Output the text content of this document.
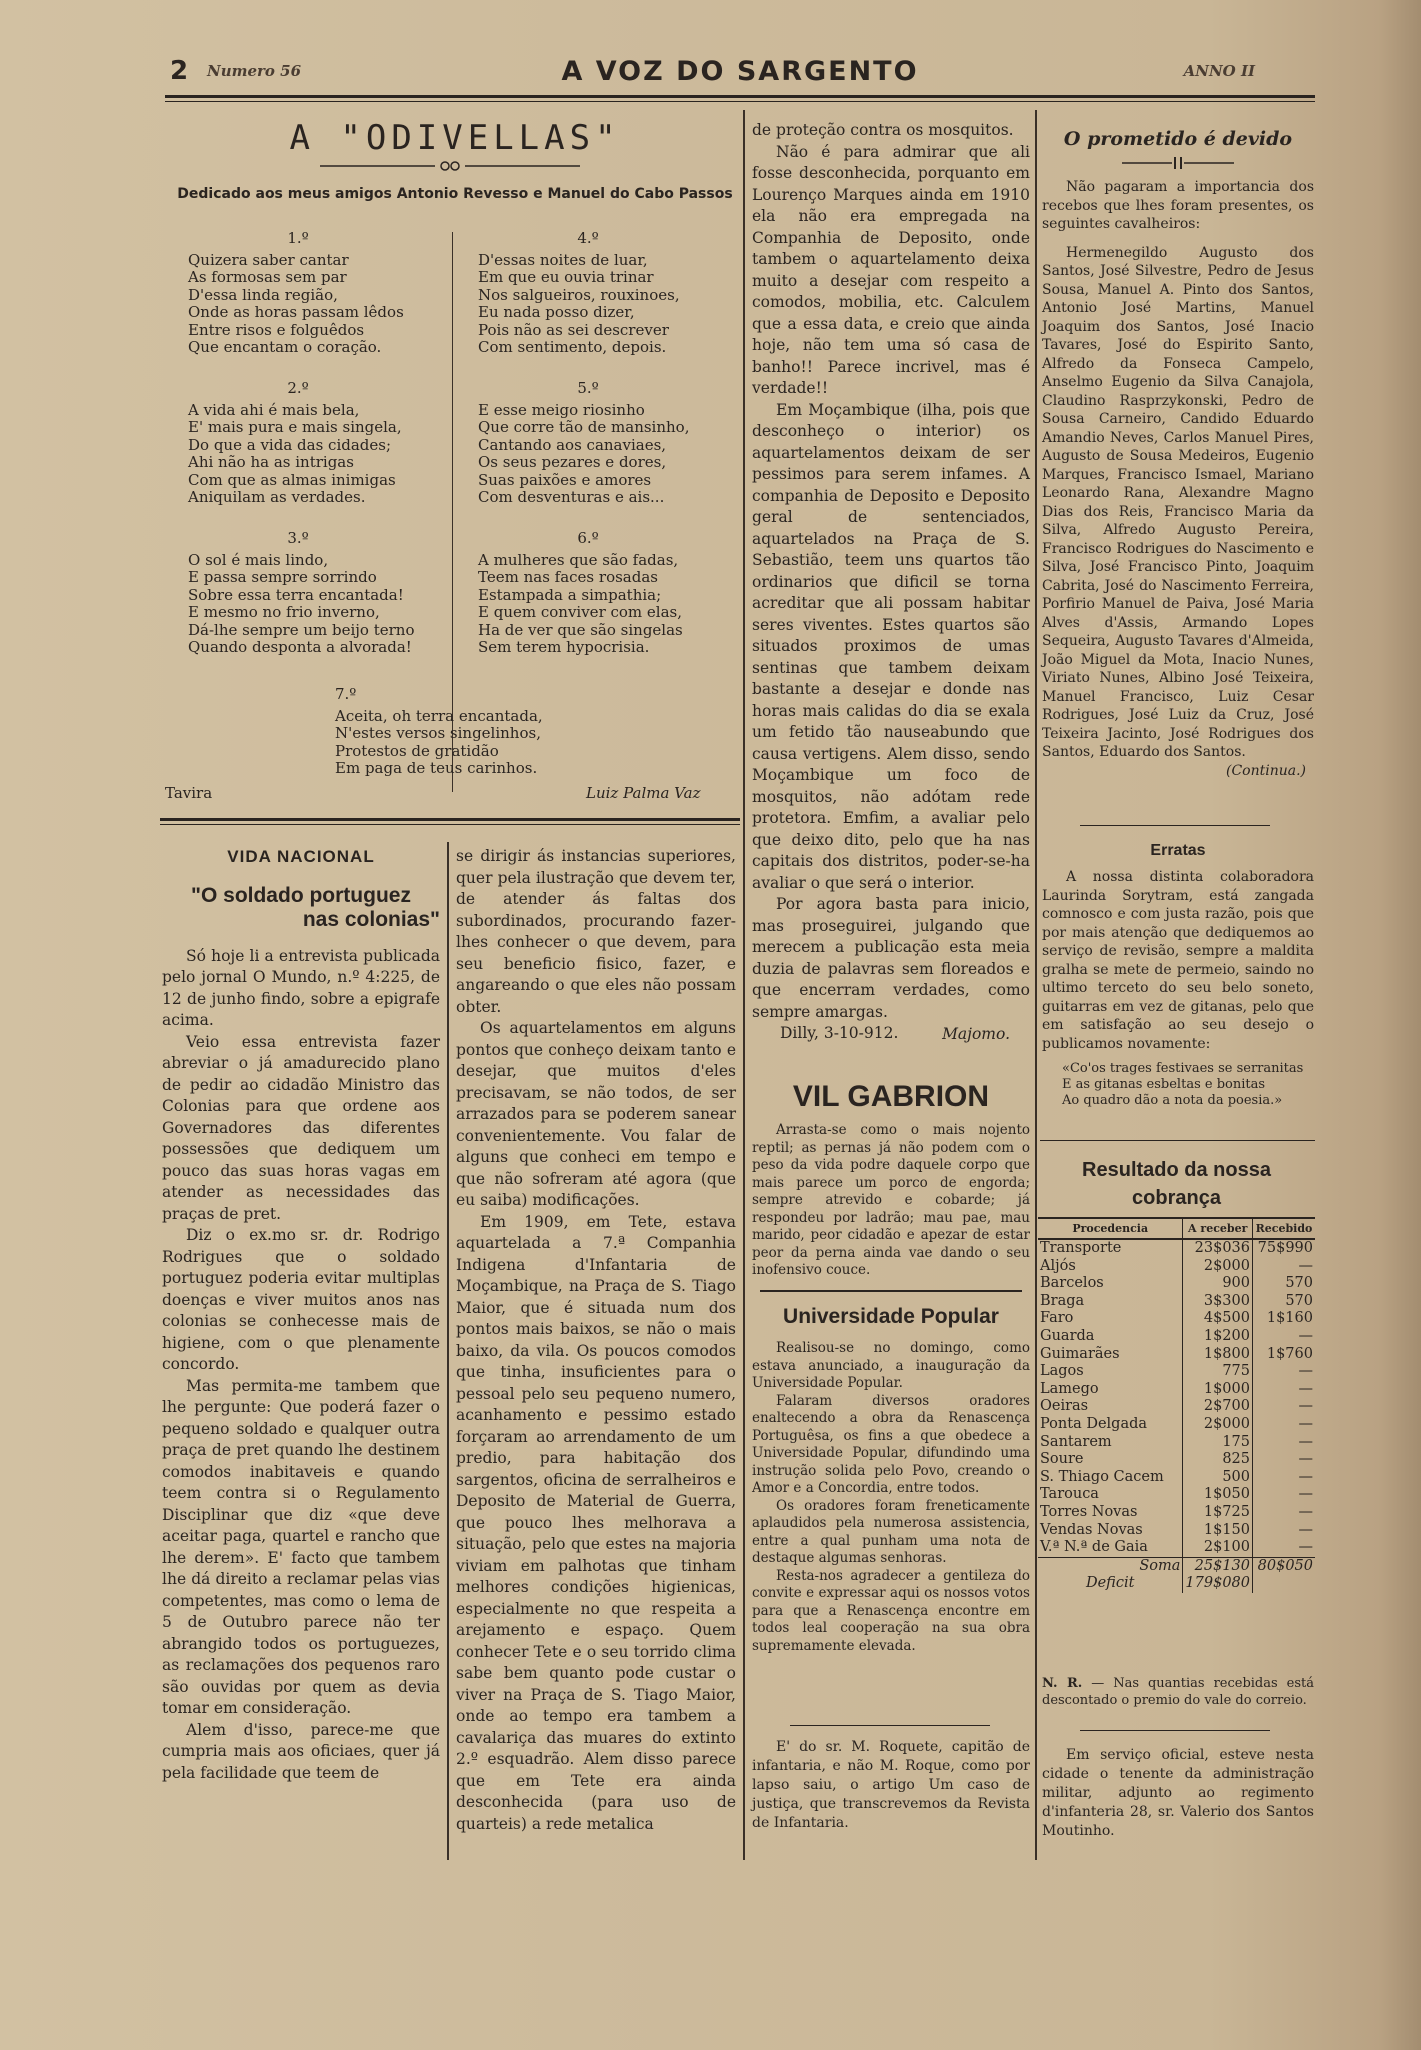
2 Numero 56	A VOZ DO SARGENTO	ANNO II
A "ODIVELLAS"
Dedicado aos meus amigos Antonio Revesso e Manuel do Cabo Passos
1.º
Quizera saber cantar
As formosas sem par
D'essa linda região,
Onde as horas passam lêdos
Entre risos e folguêdos
Que encantam o coração.
2.º
A vida ahi é mais bela,
E' mais pura e mais singela,
Do que a vida das cidades;
Ahi não ha as intrigas
Com que as almas inimigas
Aniquilam as verdades.
3.º
O sol é mais lindo,
E passa sempre sorrindo
Sobre essa terra encantada!
E mesmo no frio inverno,
Dá-lhe sempre um beijo terno
Quando desponta a alvorada!
4.º
D'essas noites de luar,
Em que eu ouvia trinar
Nos salgueiros, rouxinoes,
Eu nada posso dizer,
Pois não as sei descrever
Com sentimento, depois.
5.º
E esse meigo riosinho
Que corre tão de mansinho,
Cantando aos canaviaes,
Os seus pezares e dores,
Suas paixões e amores
Com desventuras e ais...
6.º
A mulheres que são fadas,
Teem nas faces rosadas
Estampada a simpathia;
E quem conviver com elas,
Ha de ver que são singelas
Sem terem hypocrisia.
7.º
Aceita, oh terra encantada,
N'estes versos singelinhos,
Protestos de gratidão
Em paga de teus carinhos.
Tavira	Luiz Palma Vaz
VIDA NACIONAL
"O soldado portuguez
nas colonias"

Só hoje li a entrevista publicada pelo jornal O Mundo, n.º 4:225, de 12 de junho findo, sobre a epigrafe acima.

Veio essa entrevista fazer abreviar o já amadurecido plano de pedir ao cidadão Ministro das Colonias para que ordene aos Governadores das diferentes possessões que dediquem um pouco das suas horas vagas em atender as necessidades das praças de pret.

Diz o ex.mo sr. dr. Rodrigo Rodrigues que o soldado portuguez poderia evitar multiplas doenças e viver muitos anos nas colonias se conhecesse mais de higiene, com o que plenamente concordo.

Mas permita-me tambem que lhe pergunte: Que poderá fazer o pequeno soldado e qualquer outra praça de pret quando lhe destinem comodos inabitaveis e quando teem contra si o Regulamento Disciplinar que diz «que deve aceitar paga, quartel e rancho que lhe derem». E' facto que tambem lhe dá direito a reclamar pelas vias competentes, mas como o lema de 5 de Outubro parece não ter abrangido todos os portuguezes, as reclamações dos pequenos raro são ouvidas por quem as devia tomar em consideração.

Alem d'isso, parece-me que cumpria mais aos oficiaes, quer já pela facilidade que teem de

se dirigir ás instancias superiores, quer pela ilustração que devem ter, de atender ás faltas dos subordinados, procurando fazer-lhes conhecer o que devem, para seu beneficio fisico, fazer, e angareando o que eles não possam obter.

Os aquartelamentos em alguns pontos que conheço deixam tanto e desejar, que muitos d'eles precisavam, se não todos, de ser arrazados para se poderem sanear convenientemente. Vou falar de alguns que conheci em tempo e que não sofreram até agora (que eu saiba) modificações.

Em 1909, em Tete, estava aquartelada a 7.ª Companhia Indigena d'Infantaria de Moçambique, na Praça de S. Tiago Maior, que é situada num dos pontos mais baixos, se não o mais baixo, da vila. Os poucos comodos que tinha, insuficientes para o pessoal pelo seu pequeno numero, acanhamento e pessimo estado forçaram ao arrendamento de um predio, para habitação dos sargentos, oficina de serralheiros e Deposito de Material de Guerra, que pouco lhes melhorava a situação, pelo que estes na majoria viviam em palhotas que tinham melhores condições higienicas, especialmente no que respeita a arejamento e espaço. Quem conhecer Tete e o seu torrido clima sabe bem quanto pode custar o viver na Praça de S. Tiago Maior, onde ao tempo era tambem a cavalariça das muares do extinto 2.º esquadrão. Alem disso parece que em Tete era ainda desconhecida (para uso de quarteis) a rede metalica

de proteção contra os mosquitos.

Não é para admirar que ali fosse desconhecida, porquanto em Lourenço Marques ainda em 1910 ela não era empregada na Companhia de Deposito, onde tambem o aquartelamento deixa muito a desejar com respeito a comodos, mobilia, etc. Calculem que a essa data, e creio que ainda hoje, não tem uma só casa de banho!! Parece incrivel, mas é verdade!!

Em Moçambique (ilha, pois que desconheço o interior) os aquartelamentos deixam de ser pessimos para serem infames. A companhia de Deposito e Deposito geral de sentenciados, aquartelados na Praça de S. Sebastião, teem uns quartos tão ordinarios que dificil se torna acreditar que ali possam habitar seres viventes. Estes quartos são situados proximos de umas sentinas que tambem deixam bastante a desejar e donde nas horas mais calidas do dia se exala um fetido tão nauseabundo que causa vertigens. Alem disso, sendo Moçambique um foco de mosquitos, não adótam rede protetora. Emfim, a avaliar pelo que deixo dito, pelo que ha nas capitais dos distritos, poder-se-ha avaliar o que será o interior.

Por agora basta para inicio, mas proseguirei, julgando que merecem a publicação esta meia duzia de palavras sem floreados e que encerram verdades, como sempre amargas.

Dilly, 3-10-912.	Majomo.
VIL GABRION

Arrasta-se como o mais nojento reptil; as pernas já não podem com o peso da vida podre daquele corpo que mais parece um porco de engorda; sempre atrevido e cobarde; já respondeu por ladrão; mau pae, mau marido, peor cidadão e apezar de estar peor da perna ainda vae dando o seu inofensivo couce.

Universidade Popular

Realisou-se no domingo, como estava anunciado, a inauguração da Universidade Popular.

Falaram diversos oradores enaltecendo a obra da Renascença Portuguêsa, os fins a que obedece a Universidade Popular, difundindo uma instrução solida pelo Povo, creando o Amor e a Concordia, entre todos.

Os oradores foram freneticamente aplaudidos pela numerosa assistencia, entre a qual punham uma nota de destaque algumas senhoras.

Resta-nos agradecer a gentileza do convite e expressar aqui os nossos votos para que a Renascença encontre em todos leal cooperação na sua obra supremamente elevada.

E' do sr. M. Roquete, capitão de infantaria, e não M. Roque, como por lapso saiu, o artigo Um caso de justiça, que transcrevemos da Revista de Infantaria.

O prometido é devido

Não pagaram a importancia dos recebos que lhes foram presentes, os seguintes cavalheiros:

Hermenegildo Augusto dos Santos, José Silvestre, Pedro de Jesus Sousa, Manuel A. Pinto dos Santos, Antonio José Martins, Manuel Joaquim dos Santos, José Inacio Tavares, José do Espirito Santo, Alfredo da Fonseca Campelo, Anselmo Eugenio da Silva Canajola, Claudino Rasprzykonski, Pedro de Sousa Carneiro, Candido Eduardo Amandio Neves, Carlos Manuel Pires, Augusto de Sousa Medeiros, Eugenio Marques, Francisco Ismael, Mariano Leonardo Rana, Alexandre Magno Dias dos Reis, Francisco Maria da Silva, Alfredo Augusto Pereira, Francisco Rodrigues do Nascimento e Silva, José Francisco Pinto, Joaquim Cabrita, José do Nascimento Ferreira, Porfirio Manuel de Paiva, José Maria Alves d'Assis, Armando Lopes Sequeira, Augusto Tavares d'Almeida, João Miguel da Mota, Inacio Nunes, Viriato Nunes, Albino José Teixeira, Manuel Francisco, Luiz Cesar Rodrigues, José Luiz da Cruz, José Teixeira Jacinto, José Rodrigues dos Santos, Eduardo dos Santos.

(Continua.)
Erratas

A nossa distinta colaboradora Laurinda Sorytram, está zangada comnosco e com justa razão, pois que por mais atenção que dediquemos ao serviço de revisão, sempre a maldita gralha se mete de permeio, saindo no ultimo terceto do seu belo soneto, guitarras em vez de gitanas, pelo que em satisfação ao seu desejo o publicamos novamente:

«Co'os trages festivaes se serranitas
E as gitanas esbeltas e bonitas
Ao quadro dão a nota da poesia.»
Resultado da nossa cobrança
Procedencia	A receber	Recebido
Transporte	23$036	75$990
Aljós	2$000	—
Barcelos	900	570
Braga	3$300	570
Faro	4$500	1$160
Guarda	1$200	—
Guimarães	1$800	1$760
Lagos	775	—
Lamego	1$000	—
Oeiras	2$700	—
Ponta Delgada	2$000	—
Santarem	175	—
Soure	825	—
S. Thiago Cacem	500	—
Tarouca	1$050	—
Torres Novas	1$725	—
Vendas Novas	1$150	—
V.ª N.ª de Gaia	2$100	—
Soma	25$130	80$050
Deficit	179$080	

N. R. — Nas quantias recebidas está descontado o premio do vale do correio.

Em serviço oficial, esteve nesta cidade o tenente da administração militar, adjunto ao regimento d'infanteria 28, sr. Valerio dos Santos Moutinho.
